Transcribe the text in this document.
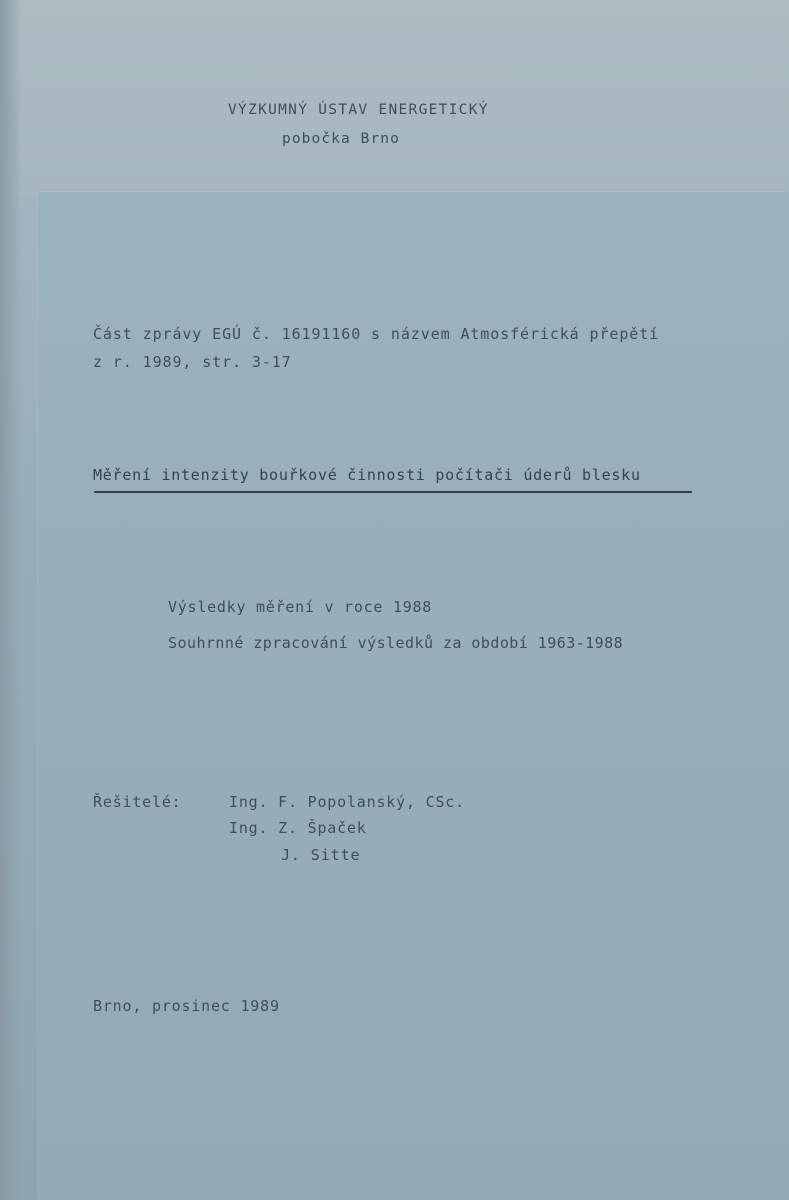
VÝZKUMNÝ ÚSTAV ENERGETICKÝ
pobočka Brno
Část zprávy EGÚ č. 16191160 s názvem Atmosférická přepětí
z r. 1989, str. 3-17
Měření intenzity bouřkové činnosti počítači úderů blesku
Výsledky měření v roce 1988
Souhrnné zpracování výsledků za období 1963-1988
Řešitelé:	Ing. F. Popolanský, CSc.
Ing. Z. Špaček
J. Sitte
Brno, prosinec 1989
